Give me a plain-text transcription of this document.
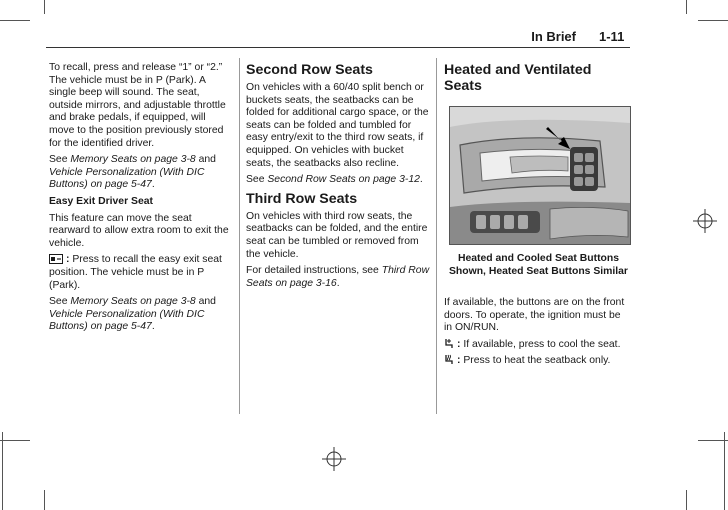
In Brief 1-11

To recall, press and release “1” or “2.” The vehicle must be in P (Park). A single beep will sound. The seat, outside mirrors, and adjustable throttle and brake pedals, if equipped, will move to the position previously stored for the identified driver.

See Memory Seats on page 3-8 and Vehicle Personalization (With DIC Buttons) on page 5-47.

Easy Exit Driver Seat

This feature can move the seat rearward to allow extra room to exit the vehicle.

: Press to recall the easy exit seat position. The vehicle must be in P (Park).

See Memory Seats on page 3-8 and Vehicle Personalization (With DIC Buttons) on page 5-47.

Second Row Seats

On vehicles with a 60/40 split bench or buckets seats, the seatbacks can be folded for additional cargo space, or the seats can be folded and tumbled for easy entry/exit to the third row seats, if equipped. On vehicles with bucket seats, the seatbacks also recline.

See Second Row Seats on page 3-12.

Third Row Seats

On vehicles with third row seats, the seatbacks can be folded, and the entire seat can be tumbled or removed from the vehicle.

For detailed instructions, see Third Row Seats on page 3-16.

Heated and Ventilated Seats

Heated and Cooled Seat Buttons Shown, Heated Seat Buttons Similar

If available, the buttons are on the front doors. To operate, the ignition must be in ON/RUN.

: If available, press to cool the seat.

: Press to heat the seatback only.
